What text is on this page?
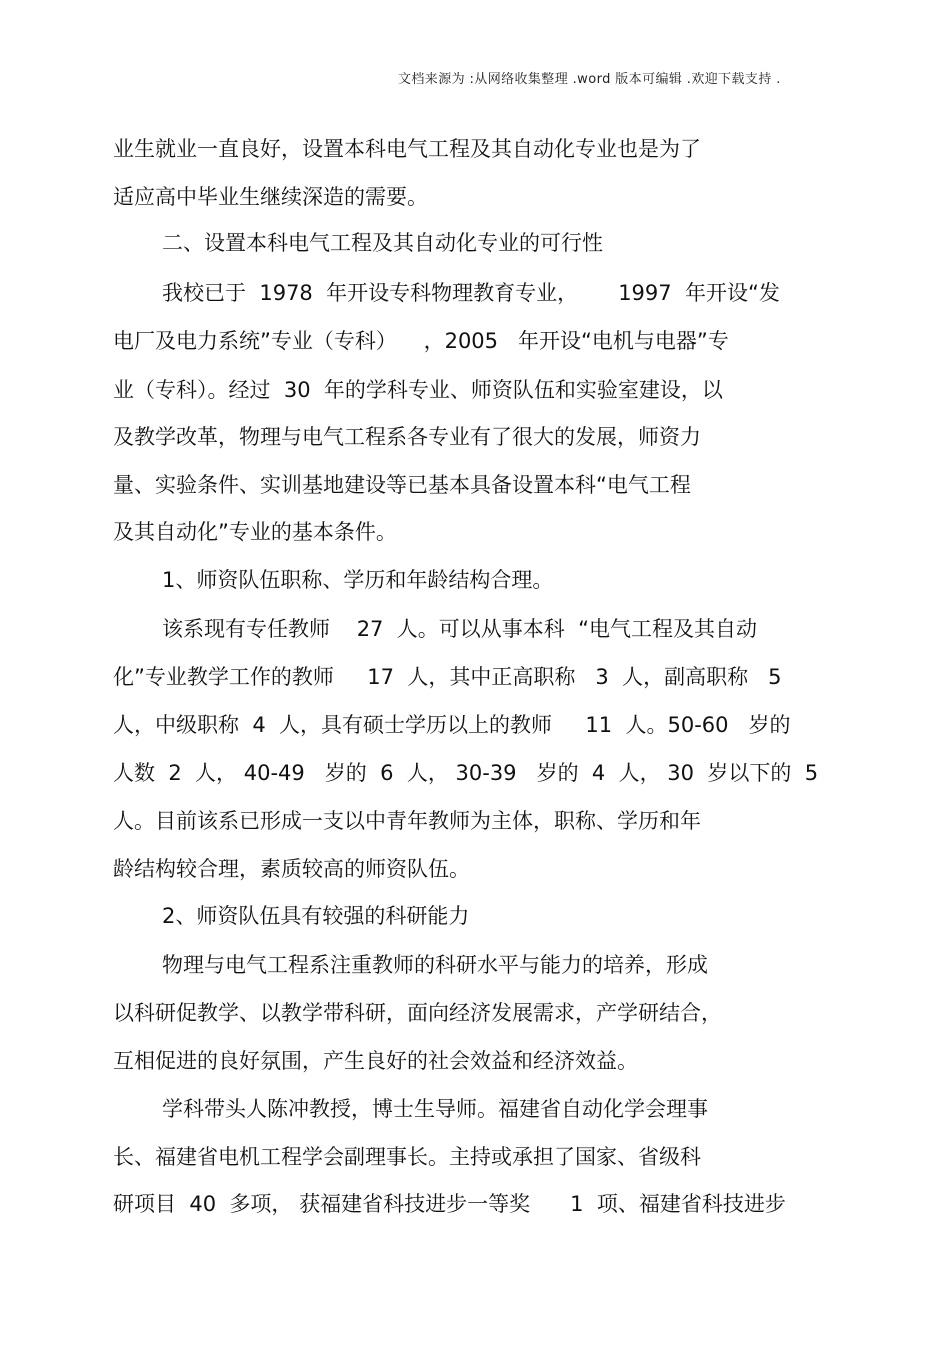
文档来源为 :从网络收集整理 .word 版本可编辑 .欢迎下载支持 .
业生就业一直良好，设置本科电气工程及其自动化专业也是为了
适应高中毕业生继续深造的需要。
二、设置本科电气工程及其自动化专业的可行性
我校已于  1978  年开设专科物理教育专业，      1997  年开设“发
电厂及电力系统”专业（专科）    ，2005   年开设“电机与电器”专
业（专科）。经过  30  年的学科专业、师资队伍和实验室建设，以
及教学改革，物理与电气工程系各专业有了很大的发展，师资力
量、实验条件、实训基地建设等已基本具备设置本科“电气工程
及其自动化”专业的基本条件。
1、师资队伍职称、学历和年龄结构合理。
该系现有专任教师    27  人。可以从事本科  “电气工程及其自动
化”专业教学工作的教师     17  人，其中正高职称   3  人，副高职称   5
人，中级职称  4  人，具有硕士学历以上的教师     11  人。50-60   岁的
人数  2  人， 40-49   岁的  6  人， 30-39   岁的  4  人， 30  岁以下的  5
人。目前该系已形成一支以中青年教师为主体，职称、学历和年
龄结构较合理，素质较高的师资队伍。
2、师资队伍具有较强的科研能力
物理与电气工程系注重教师的科研水平与能力的培养，形成
以科研促教学、以教学带科研，面向经济发展需求，产学研结合，
互相促进的良好氛围，产生良好的社会效益和经济效益。
学科带头人陈冲教授，博士生导师。福建省自动化学会理事
长、福建省电机工程学会副理事长。主持或承担了国家、省级科
研项目  40  多项， 获福建省科技进步一等奖      1  项、福建省科技进步
